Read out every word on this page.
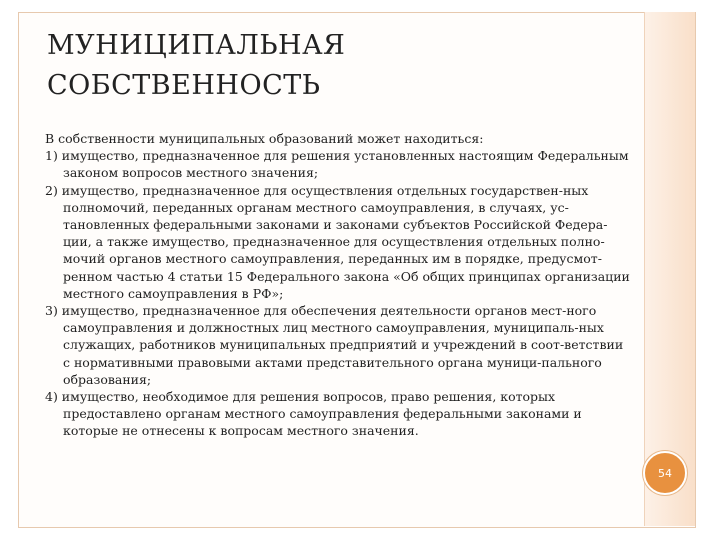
МУНИЦИПАЛЬНАЯ
СОБСТВЕННОСТЬ

В собственности муниципальных образований может находиться:

1) имущество, предназначенное для решения установленных настоящим Федеральным законом вопросов местного значения;

2) имущество, предназначенное для осуществления отдельных государствен-ных полномочий, переданных органам местного самоуправления, в случаях, ус-тановленных федеральными законами и законами субъектов Российской Федера-ции, а также имущество, предназначенное для осуществления отдельных полно-мочий органов местного самоуправления, переданных им в порядке, предусмот-ренном частью 4 статьи 15 Федерального закона «Об общих принципах организации местного самоуправления в РФ»;

3) имущество, предназначенное для обеспечения деятельности органов мест-ного самоуправления и должностных лиц местного самоуправления, муниципаль-ных служащих, работников муниципальных предприятий и учреждений в соот-ветствии с нормативными правовыми актами представительного органа муници-пального образования;

4) имущество, необходимое для решения вопросов, право решения, которых предоставлено органам местного самоуправления федеральными законами и которые не отнесены к вопросам местного значения.

54
